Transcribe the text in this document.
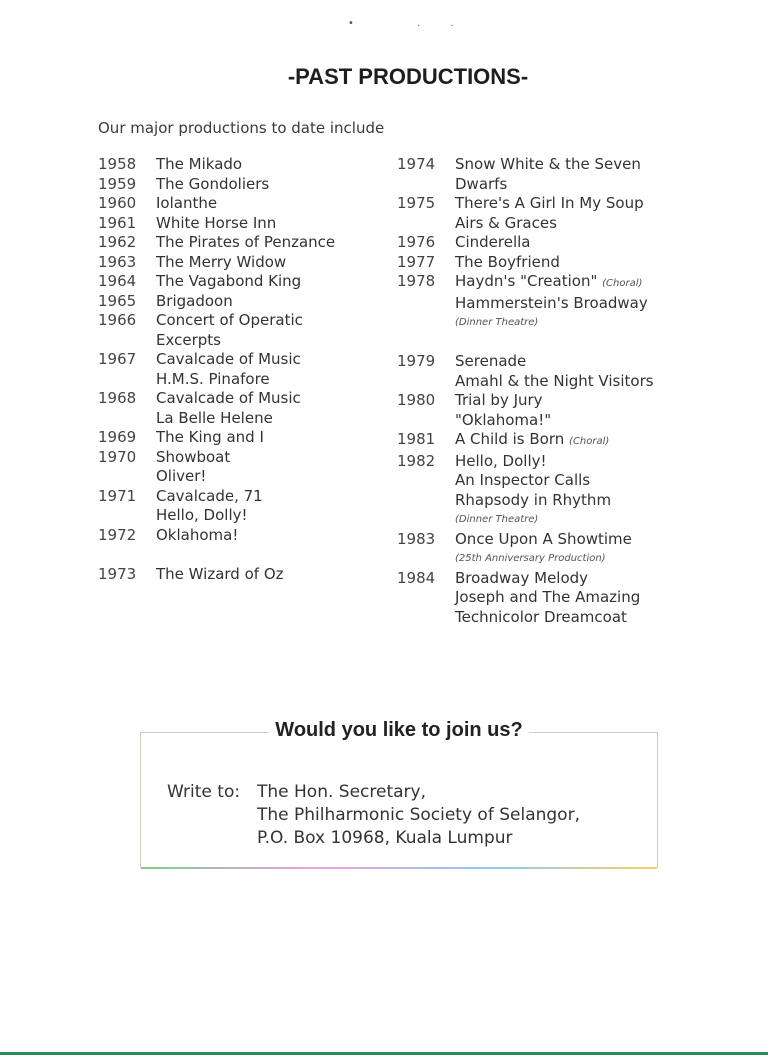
• ..
-PAST PRODUCTIONS-
Our major productions to date include
1958	The Mikado
1959	The Gondoliers
1960	Iolanthe
1961	White Horse Inn
1962	The Pirates of Penzance
1963	The Merry Widow
1964	The Vagabond King
1965	Brigadoon
1966	Concert of Operatic
Excerpts
1967	Cavalcade of Music
H.M.S. Pinafore
1968	Cavalcade of Music
La Belle Helene
1969	The King and I
1970	Showboat
Oliver!
1971	Cavalcade, 71
Hello, Dolly!
1972	Oklahoma!
1973	The Wizard of Oz
1974	Snow White & the Seven
Dwarfs
1975	There's A Girl In My Soup
Airs & Graces
1976	Cinderella
1977	The Boyfriend
1978	Haydn's "Creation" (Choral)
Hammerstein's Broadway
(Dinner Theatre)
1979	Serenade
Amahl & the Night Visitors
1980	Trial by Jury
"Oklahoma!"
1981	A Child is Born (Choral)
1982	Hello, Dolly!
An Inspector Calls
Rhapsody in Rhythm
(Dinner Theatre)
1983	Once Upon A Showtime
(25th Anniversary Production)
1984	Broadway Melody
Joseph and The Amazing
Technicolor Dreamcoat
Would you like to join us?
Write to: The Hon. Secretary,
The Philharmonic Society of Selangor,
P.O. Box 10968, Kuala Lumpur
